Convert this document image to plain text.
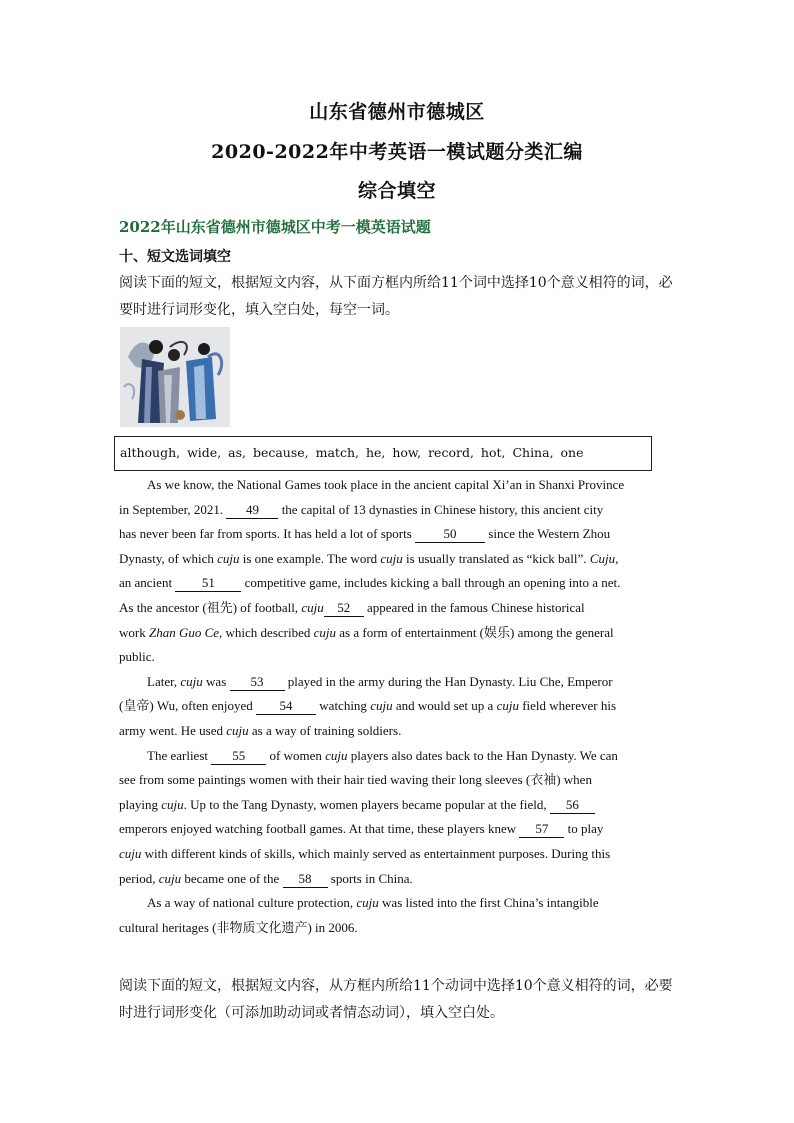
山东省德州市德城区
2020-2022年中考英语一模试题分类汇编
综合填空
2022年山东省德州市德城区中考一模英语试题
十、短文选词填空
阅读下面的短文，根据短文内容，从下面方框内所给11个词中选择10个意义相符的词，必要时进行词形变化，填入空白处，每空一词。
although, wide, as, because, match, he, how, record, hot, China, one
As we know, the National Games took place in the ancient capital Xi’an in Shanxi Province
in September, 2021. 49 the capital of 13 dynasties in Chinese history, this ancient city
has never been far from sports. It has held a lot of sports 50 since the Western Zhou
Dynasty, of which cuju is one example. The word cuju is usually translated as “kick ball”. Cuju,
an ancient 51 competitive game, includes kicking a ball through an opening into a net.
As the ancestor (祖先) of football, cuju 52 appeared in the famous Chinese historical
work Zhan Guo Ce, which described cuju as a form of entertainment (娱乐) among the general
public.
Later, cuju was 53 played in the army during the Han Dynasty. Liu Che, Emperor
(皇帝) Wu, often enjoyed 54 watching cuju and would set up a cuju field wherever his
army went. He used cuju as a way of training soldiers.
The earliest 55 of women cuju players also dates back to the Han Dynasty. We can
see from some paintings women with their hair tied waving their long sleeves (衣袖) when
playing cuju. Up to the Tang Dynasty, women players became popular at the field, 56
emperors enjoyed watching football games. At that time, these players knew 57 to play
cuju with different kinds of skills, which mainly served as entertainment purposes. During this
period, cuju became one of the 58 sports in China.
As a way of national culture protection, cuju was listed into the first China’s intangible
cultural heritages (非物质文化遗产) in 2006.
阅读下面的短文，根据短文内容，从方框内所给11个动词中选择10个意义相符的词，必要时进行词形变化（可添加助动词或者情态动词），填入空白处。
